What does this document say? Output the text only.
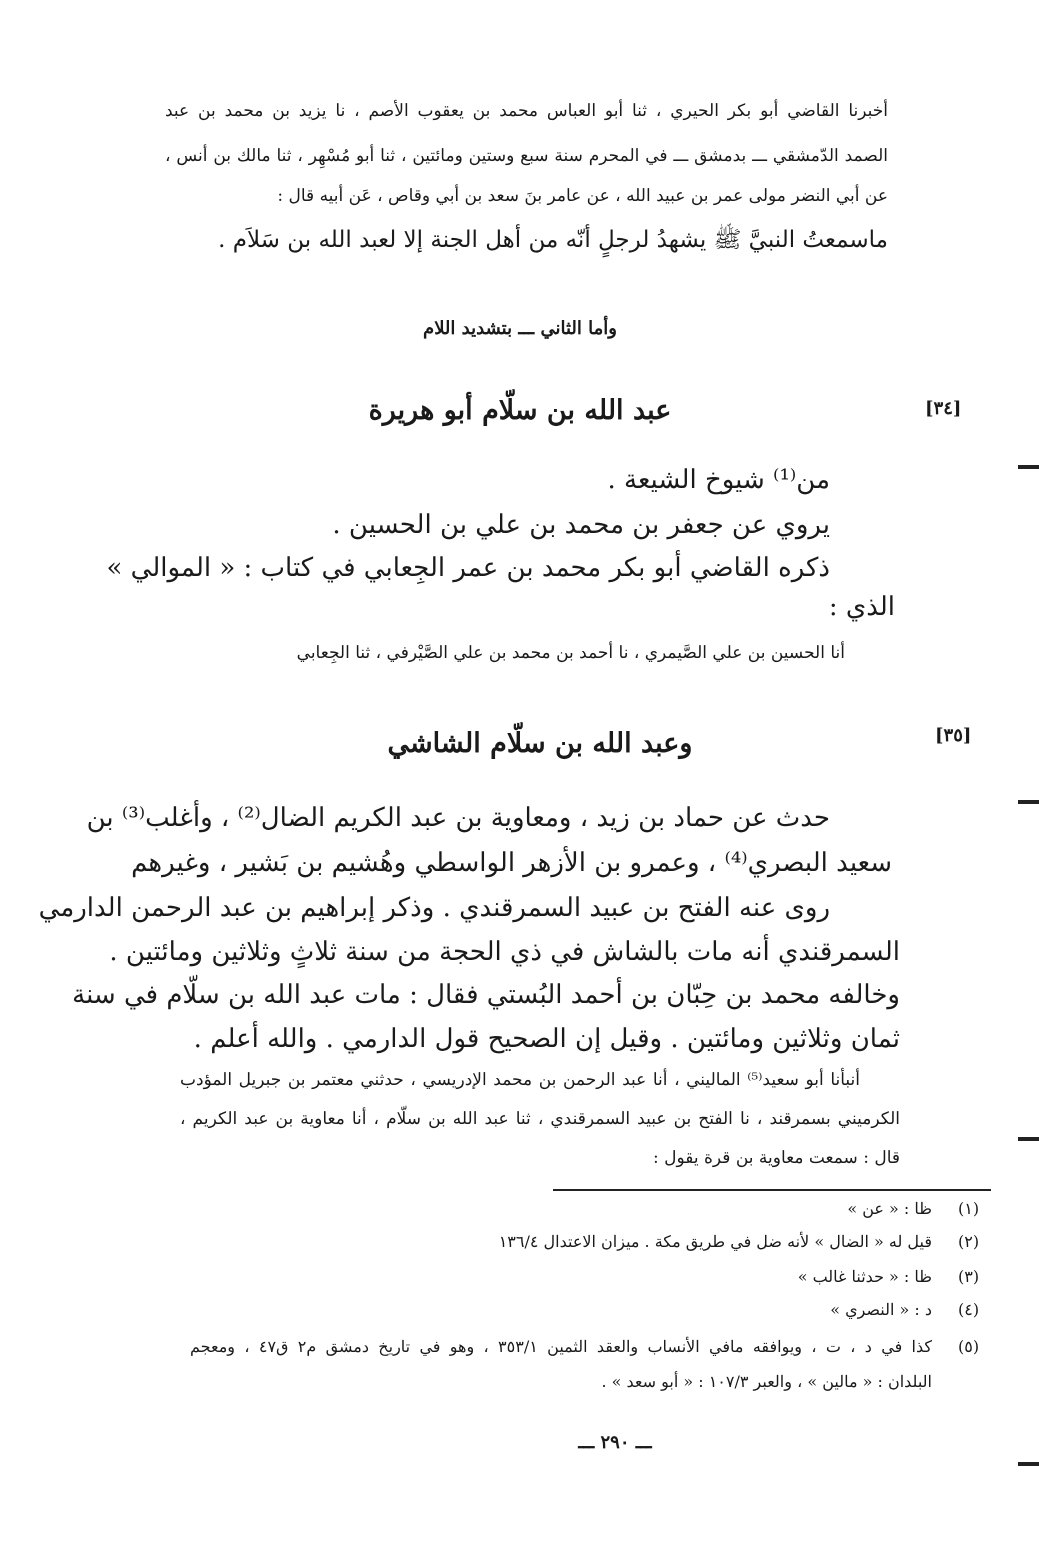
أخبرنا القاضي أبو بكر الحيري ، ثنا أبو العباس محمد بن يعقوب الأصم ، نا يزيد بن محمد بن عبد
الصمد الدّمشقي ـــ بدمشق ـــ في المحرم سنة سبع وستين ومائتين ، ثنا أبو مُسْهِر ، ثنا مالك بن أنس ،
عن أبي النضر مولى عمر بن عبيد الله ، عن عامر بنَ سعد بن أبي وقاص ، عَن أبيه قال :
ماسمعتُ النبيَّ ﷺ يشهدُ لرجلٍ أنّه من أهل الجنة إلا لعبد الله بن سَلاَم .
وأما الثاني ـــ بتشديد اللام
[٣٤]
عبد الله بن سلّام أبو هريرة
من⁽¹⁾ شيوخ الشيعة .
يروي عن جعفر بن محمد بن علي بن الحسين .
ذكره القاضي أبو بكر محمد بن عمر الجِعابي في كتاب : « الموالي »
الذي :
أنا الحسين بن علي الصَّيمري ، نا أحمد بن محمد بن علي الصَّيْرفي ، ثنا الجِعابي
[٣٥]
وعبد الله بن سلّام الشاشي
حدث عن حماد بن زيد ، ومعاوية بن عبد الكريم الضال⁽²⁾ ، وأغلب⁽³⁾ بن
سعيد البصري⁽⁴⁾ ، وعمرو بن الأزهر الواسطي وهُشيم بن بَشير ، وغيرهم
روى عنه الفتح بن عبيد السمرقندي . وذكر إبراهيم بن عبد الرحمن الدارمي
السمرقندي أنه مات بالشاش في ذي الحجة من سنة ثلاثٍ وثلاثين ومائتين .
وخالفه محمد بن حِبّان بن أحمد البُستي فقال : مات عبد الله بن سلّام في سنة
ثمان وثلاثين ومائتين . وقيل إن الصحيح قول الدارمي . والله أعلم .
أنبأنا أبو سعيد⁽⁵⁾ الماليني ، أنا عبد الرحمن بن محمد الإدريسي ، حدثني معتمر بن جبريل المؤدب
الكرميني بسمرقند ، نا الفتح بن عبيد السمرقندي ، ثنا عبد الله بن سلّام ، أنا معاوية بن عبد الكريم ،
قال : سمعت معاوية بن قرة يقول :
(١)
ظا : « عن »
(٢)
قيل له « الضال » لأنه ضل في طريق مكة . ميزان الاعتدال ١٣٦/٤
(٣)
ظا : « حدثنا غالب »
(٤)
د : « النصري »
(٥)
كذا في د ، ت ، ويوافقه مافي الأنساب والعقد الثمين ٣٥٣/١ ، وهو في تاريخ دمشق م٢ ق٤٧ ، ومعجم
البلدان : « مالين » ، والعبر ١٠٧/٣ : « أبو سعد » .
ـــ ٢٩٠ ـــ
